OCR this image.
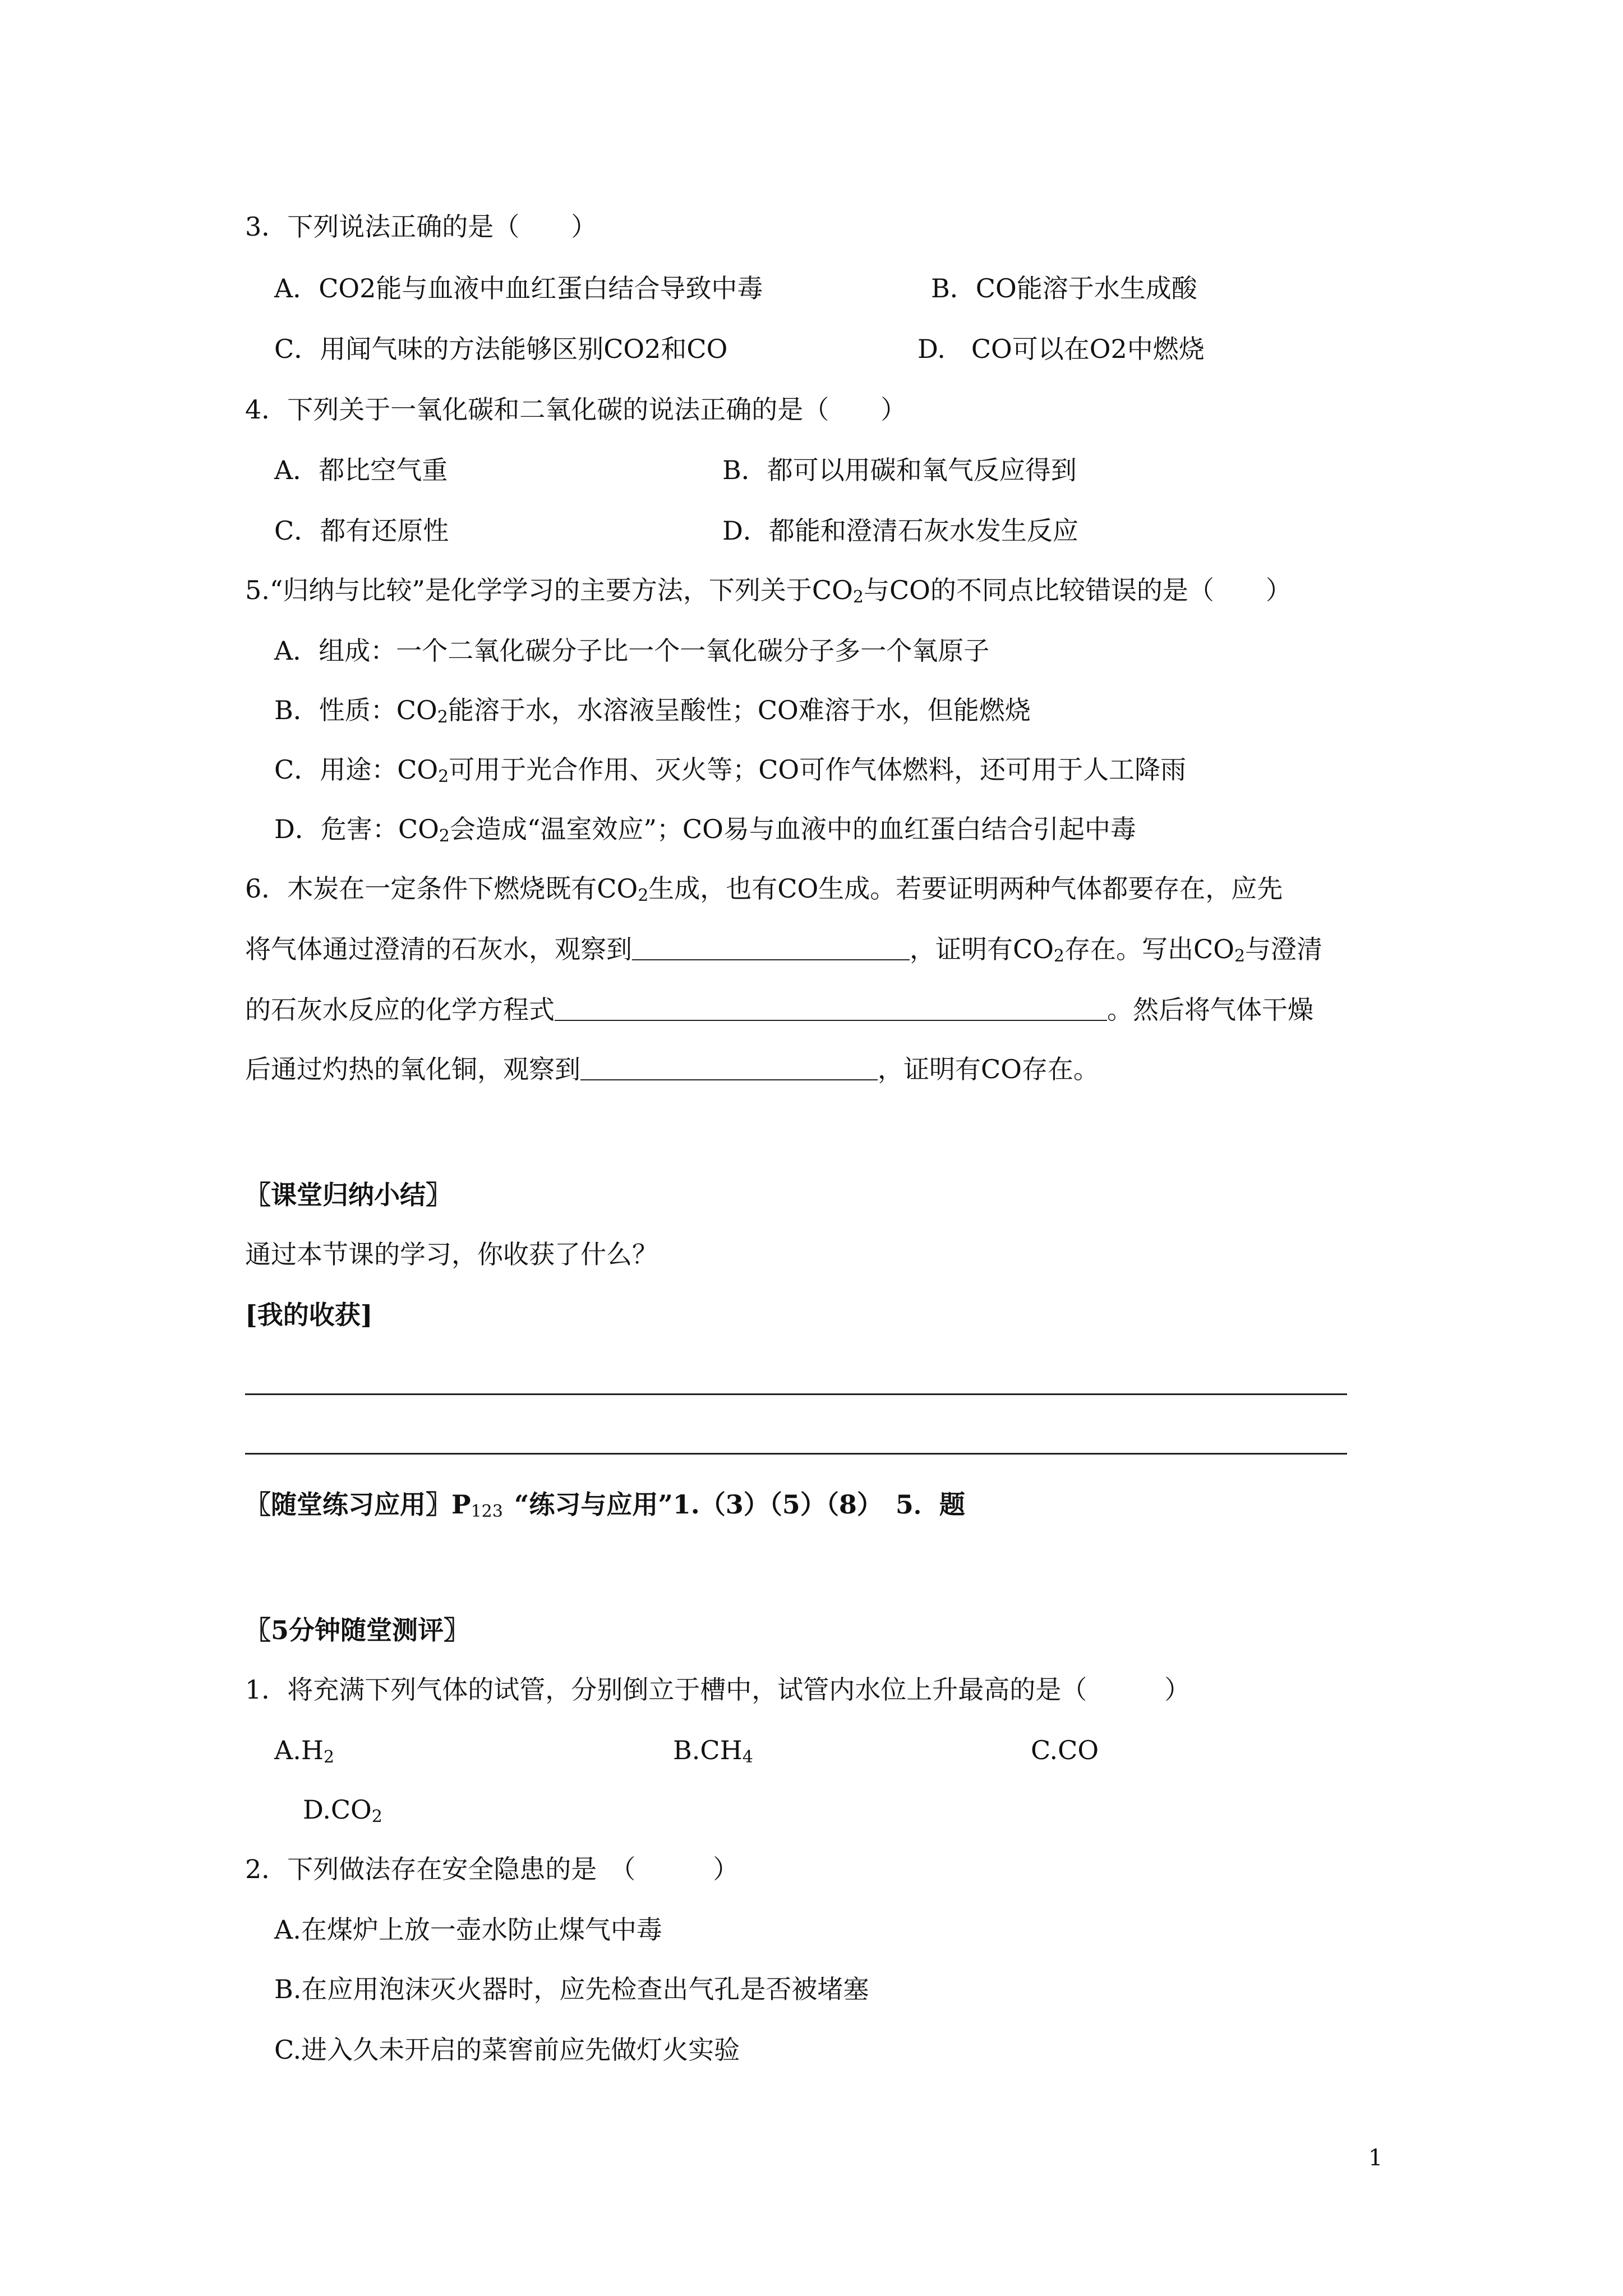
3．下列说法正确的是（　　）
A．CO2能与血液中血红蛋白结合导致中毒	B．CO能溶于水生成酸
C．用闻气味的方法能够区别CO2和CO	D.　CO可以在O2中燃烧
4．下列关于一氧化碳和二氧化碳的说法正确的是（　　）
A．都比空气重	B．都可以用碳和氧气反应得到
C．都有还原性	D．都能和澄清石灰水发生反应
5.“归纳与比较”是化学学习的主要方法，下列关于$CO_2$与CO的不同点比较错误的是（　　）
A．组成：一个二氧化碳分子比一个一氧化碳分子多一个氧原子
B．性质：$CO_2$能溶于水，水溶液呈酸性；CO难溶于水，但能燃烧
C．用途：$CO_2$可用于光合作用、灭火等；CO可作气体燃料，还可用于人工降雨
D．危害：$CO_2$会造成“温室效应”；CO易与血液中的血红蛋白结合引起中毒
6．木炭在一定条件下燃烧既有$CO_2$生成，也有CO生成。若要证明两种气体都要存在，应先
将气体通过澄清的石灰水，观察到	，证明有$CO_2$存在。写出$CO_2$与澄清
的石灰水反应的化学方程式	。然后将气体干燥
后通过灼热的氧化铜，观察到	，证明有CO存在。
〖课堂归纳小结〗
通过本节课的学习，你收获了什么？
[我的收获]
〖随堂练习应用〗$P_{123}$ “练习与应用”1.（3）（5）（8）　5．题
〖5分钟随堂测评〗
1．将充满下列气体的试管，分别倒立于槽中，试管内水位上升最高的是（　　　）
$A.H_2$	$B.CH_4$	C.CO
$D.CO_2$
2．下列做法存在安全隐患的是　（　　　）
A.在煤炉上放一壶水防止煤气中毒
B.在应用泡沫灭火器时，应先检查出气孔是否被堵塞
C.进入久未开启的菜窖前应先做灯火实验
1
